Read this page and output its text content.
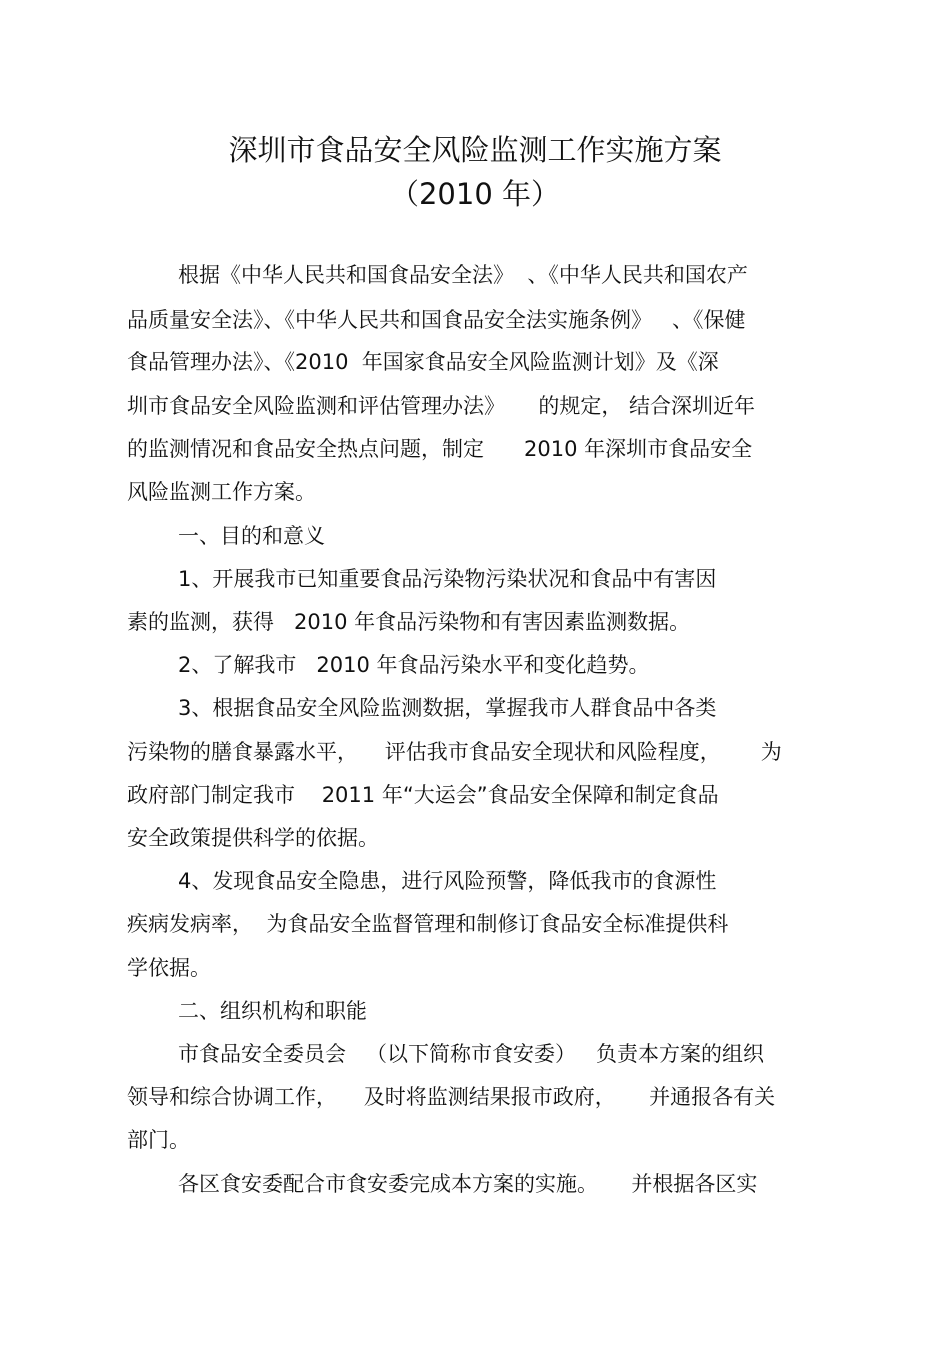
深圳市食品安全风险监测工作实施方案
（2010 年）
根据《中华人民共和国食品安全法》  、《中华人民共和国农产
品质量安全法》、《中华人民共和国食品安全法实施条例》   、《保健
食品管理办法》、《2010  年国家食品安全风险监测计划》及《深
圳市食品安全风险监测和评估管理办法》     的规定， 结合深圳近年
的监测情况和食品安全热点问题，制定      2010 年深圳市食品安全
风险监测工作方案。
一、目的和意义
1、开展我市已知重要食品污染物污染状况和食品中有害因
素的监测，获得   2010 年食品污染物和有害因素监测数据。
2、了解我市   2010 年食品污染水平和变化趋势。
3、根据食品安全风险监测数据，掌握我市人群食品中各类
污染物的膳食暴露水平，    评估我市食品安全现状和风险程度，      为
政府部门制定我市    2011 年“大运会”食品安全保障和制定食品
安全政策提供科学的依据。
4、发现食品安全隐患，进行风险预警，降低我市的食源性
疾病发病率，  为食品安全监督管理和制修订食品安全标准提供科
学依据。
二、组织机构和职能
市食品安全委员会   （以下简称市食安委）   负责本方案的组织
领导和综合协调工作，    及时将监测结果报市政府，     并通报各有关
部门。
各区食安委配合市食安委完成本方案的实施。     并根据各区实
